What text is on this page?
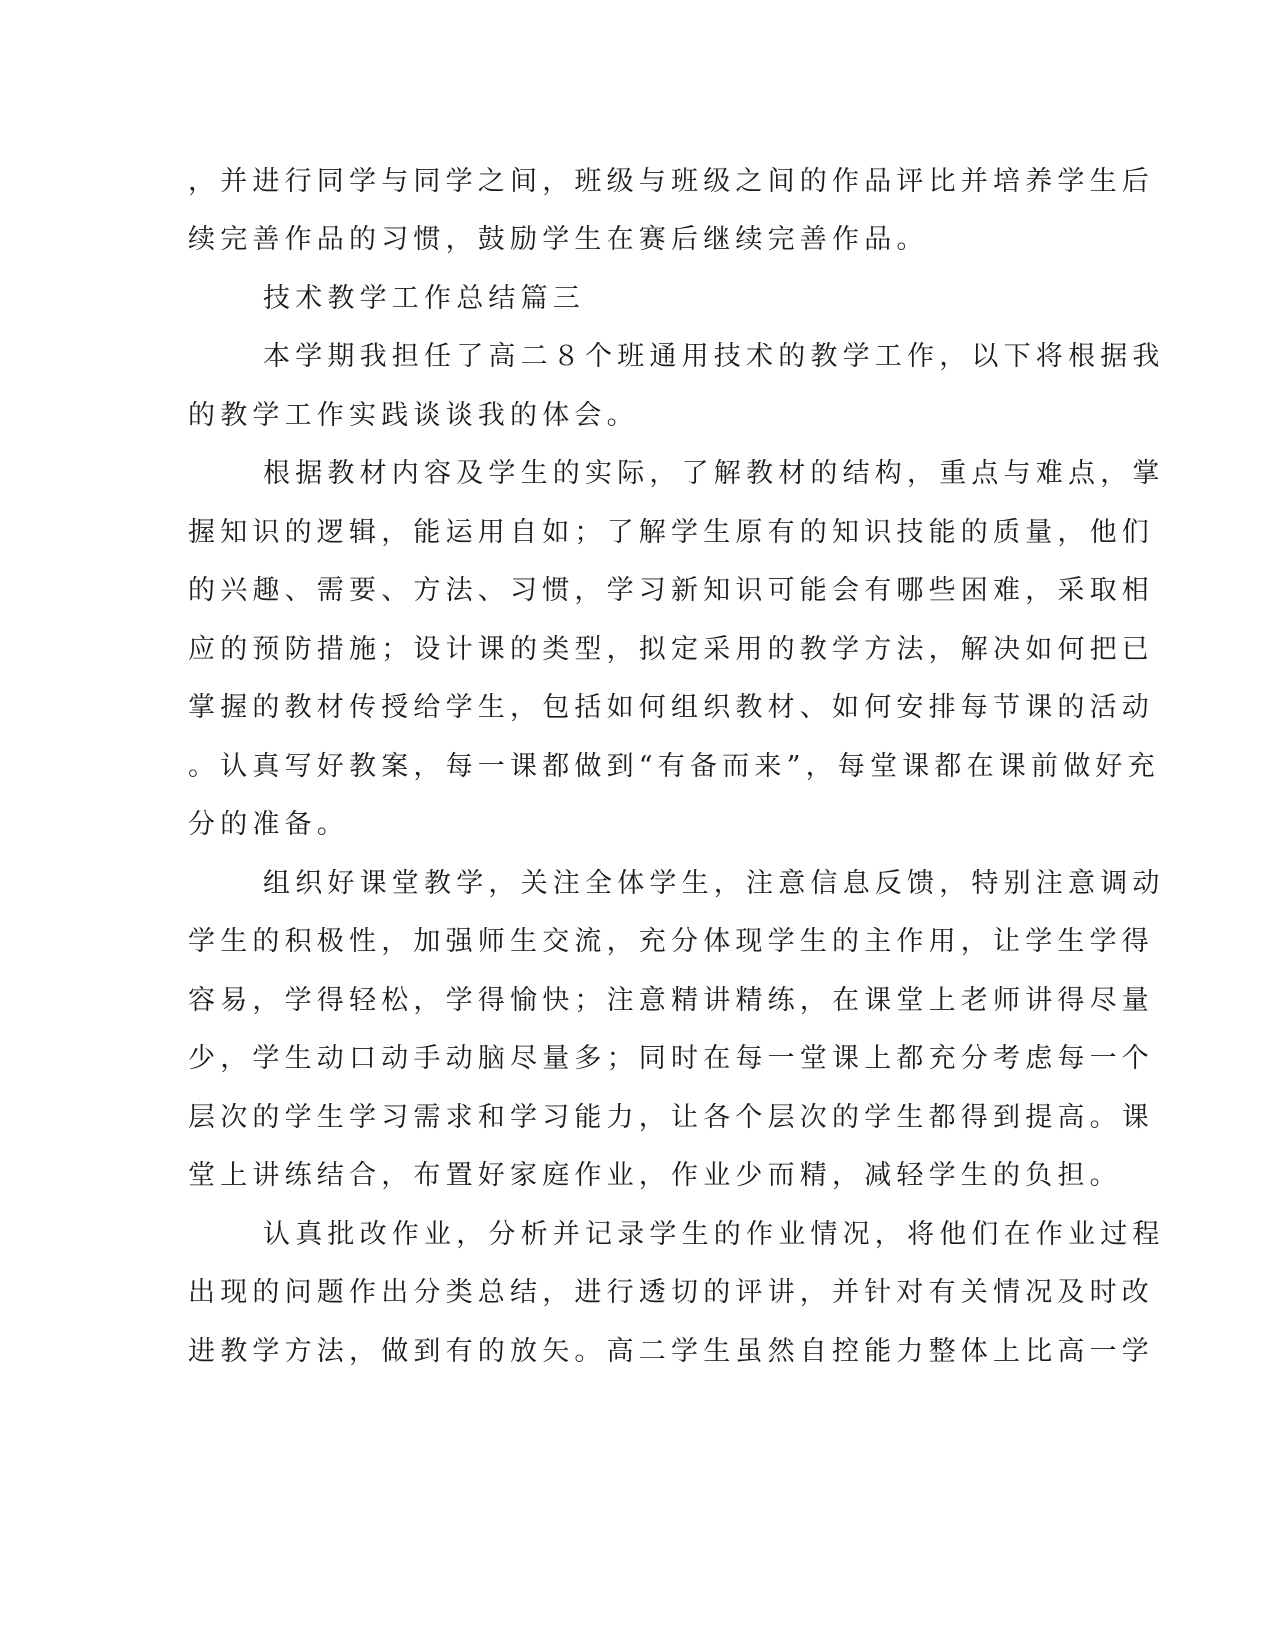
，并进行同学与同学之间，班级与班级之间的作品评比并培养学生后
续完善作品的习惯，鼓励学生在赛后继续完善作品。
技术教学工作总结篇三
本学期我担任了高二８个班通用技术的教学工作，以下将根据我
的教学工作实践谈谈我的体会。
根据教材内容及学生的实际，了解教材的结构，重点与难点，掌
握知识的逻辑，能运用自如；了解学生原有的知识技能的质量，他们
的兴趣、需要、方法、习惯，学习新知识可能会有哪些困难，采取相
应的预防措施；设计课的类型，拟定采用的教学方法，解决如何把已
掌握的教材传授给学生，包括如何组织教材、如何安排每节课的活动
。认真写好教案，每一课都做到“有备而来”，每堂课都在课前做好充
分的准备。
组织好课堂教学，关注全体学生，注意信息反馈，特别注意调动
学生的积极性，加强师生交流，充分体现学生的主作用，让学生学得
容易，学得轻松，学得愉快；注意精讲精练，在课堂上老师讲得尽量
少，学生动口动手动脑尽量多；同时在每一堂课上都充分考虑每一个
层次的学生学习需求和学习能力，让各个层次的学生都得到提高。课
堂上讲练结合，布置好家庭作业，作业少而精，减轻学生的负担。
认真批改作业，分析并记录学生的作业情况，将他们在作业过程
出现的问题作出分类总结，进行透切的评讲，并针对有关情况及时改
进教学方法，做到有的放矢。高二学生虽然自控能力整体上比高一学
